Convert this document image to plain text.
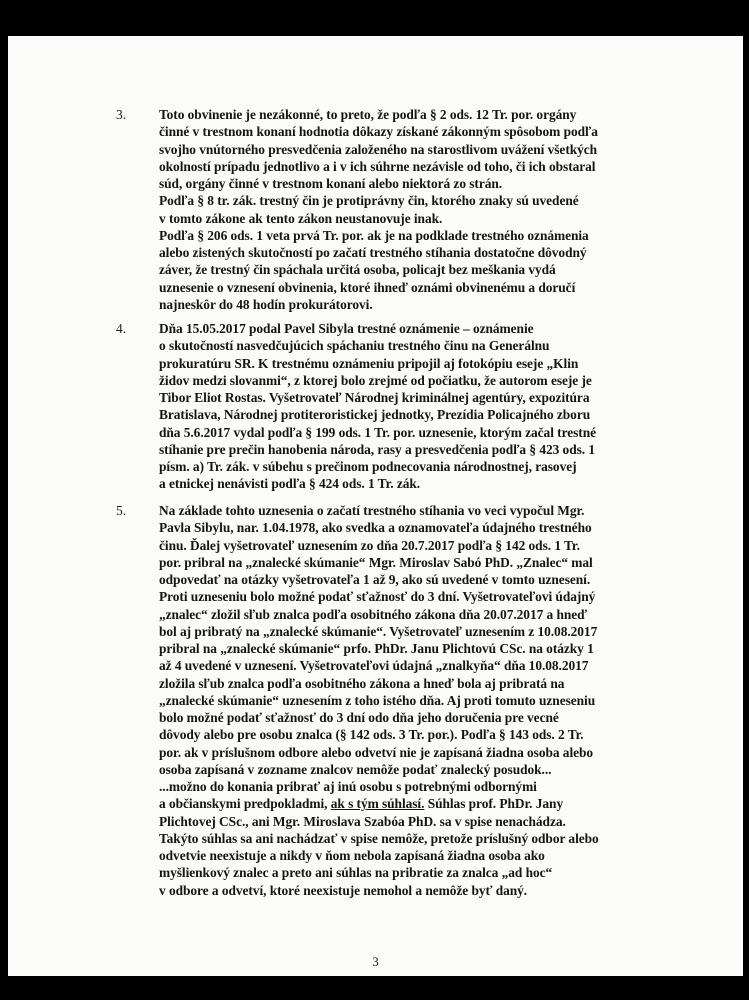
3. Toto obvinenie je nezákonné, to preto, že podľa § 2 ods. 12 Tr. por. orgány
činné v trestnom konaní hodnotia dôkazy získané zákonným spôsobom podľa
svojho vnútorného presvedčenia založeného na starostlivom uvážení všetkých
okolností prípadu jednotlivo a i v ich súhrne nezávisle od toho, či ich obstaral
súd, orgány činné v trestnom konaní alebo niektorá zo strán.
Podľa § 8 tr. zák. trestný čin je protiprávny čin, ktorého znaky sú uvedené
v tomto zákone ak tento zákon neustanovuje inak.
Podľa § 206 ods. 1 veta prvá Tr. por. ak je na podklade trestného oznámenia
alebo zistených skutočností po začatí trestného stíhania dostatočne dôvodný
záver, že trestný čin spáchala určitá osoba, policajt bez meškania vydá
uznesenie o vznesení obvinenia, ktoré ihneď oznámi obvinenému a doručí
najneskôr do 48 hodín prokurátorovi.
4. Dňa 15.05.2017 podal Pavel Sibyla trestné oznámenie – oznámenie
o skutočností nasvedčujúcich spáchaniu trestného činu na Generálnu
prokuratúru SR. K trestnému oznámeniu pripojil aj fotokópiu eseje „Klin
židov medzi slovanmi“, z ktorej bolo zrejmé od počiatku, že autorom eseje je
Tibor Eliot Rostas. Vyšetrovateľ Národnej kriminálnej agentúry, expozitúra
Bratislava, Národnej protiteroristickej jednotky, Prezídia Policajného zboru
dňa 5.6.2017 vydal podľa § 199 ods. 1 Tr. por. uznesenie, ktorým začal trestné
stíhanie pre prečin hanobenia národa, rasy a presvedčenia podľa § 423 ods. 1
písm. a) Tr. zák. v súbehu s prečinom podnecovania národnostnej, rasovej
a etnickej nenávisti podľa § 424 ods. 1 Tr. zák.
5. Na základe tohto uznesenia o začatí trestného stíhania vo veci vypočul Mgr.
Pavla Sibylu, nar. 1.04.1978, ako svedka a oznamovateľa údajného trestného
činu. Ďalej vyšetrovateľ uznesením zo dňa 20.7.2017 podľa § 142 ods. 1 Tr.
por. pribral na „znalecké skúmanie“ Mgr. Miroslav Sabó PhD. „Znalec“ mal
odpovedať na otázky vyšetrovateľa 1 až 9, ako sú uvedené v tomto uznesení.
Proti uzneseniu bolo možné podať sťažnosť do 3 dní. Vyšetrovateľovi údajný
„znalec“ zložil sľub znalca podľa osobitného zákona dňa 20.07.2017 a hneď
bol aj pribratý na „znalecké skúmanie“. Vyšetrovateľ uznesením z 10.08.2017
pribral na „znalecké skúmanie“ prfo. PhDr. Janu Plichtovú CSc. na otázky 1
až 4 uvedené v uznesení. Vyšetrovateľovi údajná „znalkyňa“ dňa 10.08.2017
zložila sľub znalca podľa osobitného zákona a hneď bola aj pribratá na
„znalecké skúmanie“ uznesením z toho istého dňa. Aj proti tomuto uzneseniu
bolo možné podať sťažnosť do 3 dní odo dňa jeho doručenia pre vecné
dôvody alebo pre osobu znalca (§ 142 ods. 3 Tr. por.). Podľa § 143 ods. 2 Tr.
por. ak v príslušnom odbore alebo odvetví nie je zapísaná žiadna osoba alebo
osoba zapísaná v zozname znalcov nemôže podať znalecký posudok...
...možno do konania pribrať aj inú osobu s potrebnými odbornými
a občianskymi predpokladmi, ak s tým súhlasí. Súhlas prof. PhDr. Jany
Plichtovej CSc., ani Mgr. Miroslava Szabóa PhD. sa v spise nenachádza.
Takýto súhlas sa ani nachádzať v spise nemôže, pretože príslušný odbor alebo
odvetvie neexistuje a nikdy v ňom nebola zapísaná žiadna osoba ako
myšlienkový znalec a preto ani súhlas na pribratie za znalca „ad hoc“
v odbore a odvetví, ktoré neexistuje nemohol a nemôže byť daný.
3
